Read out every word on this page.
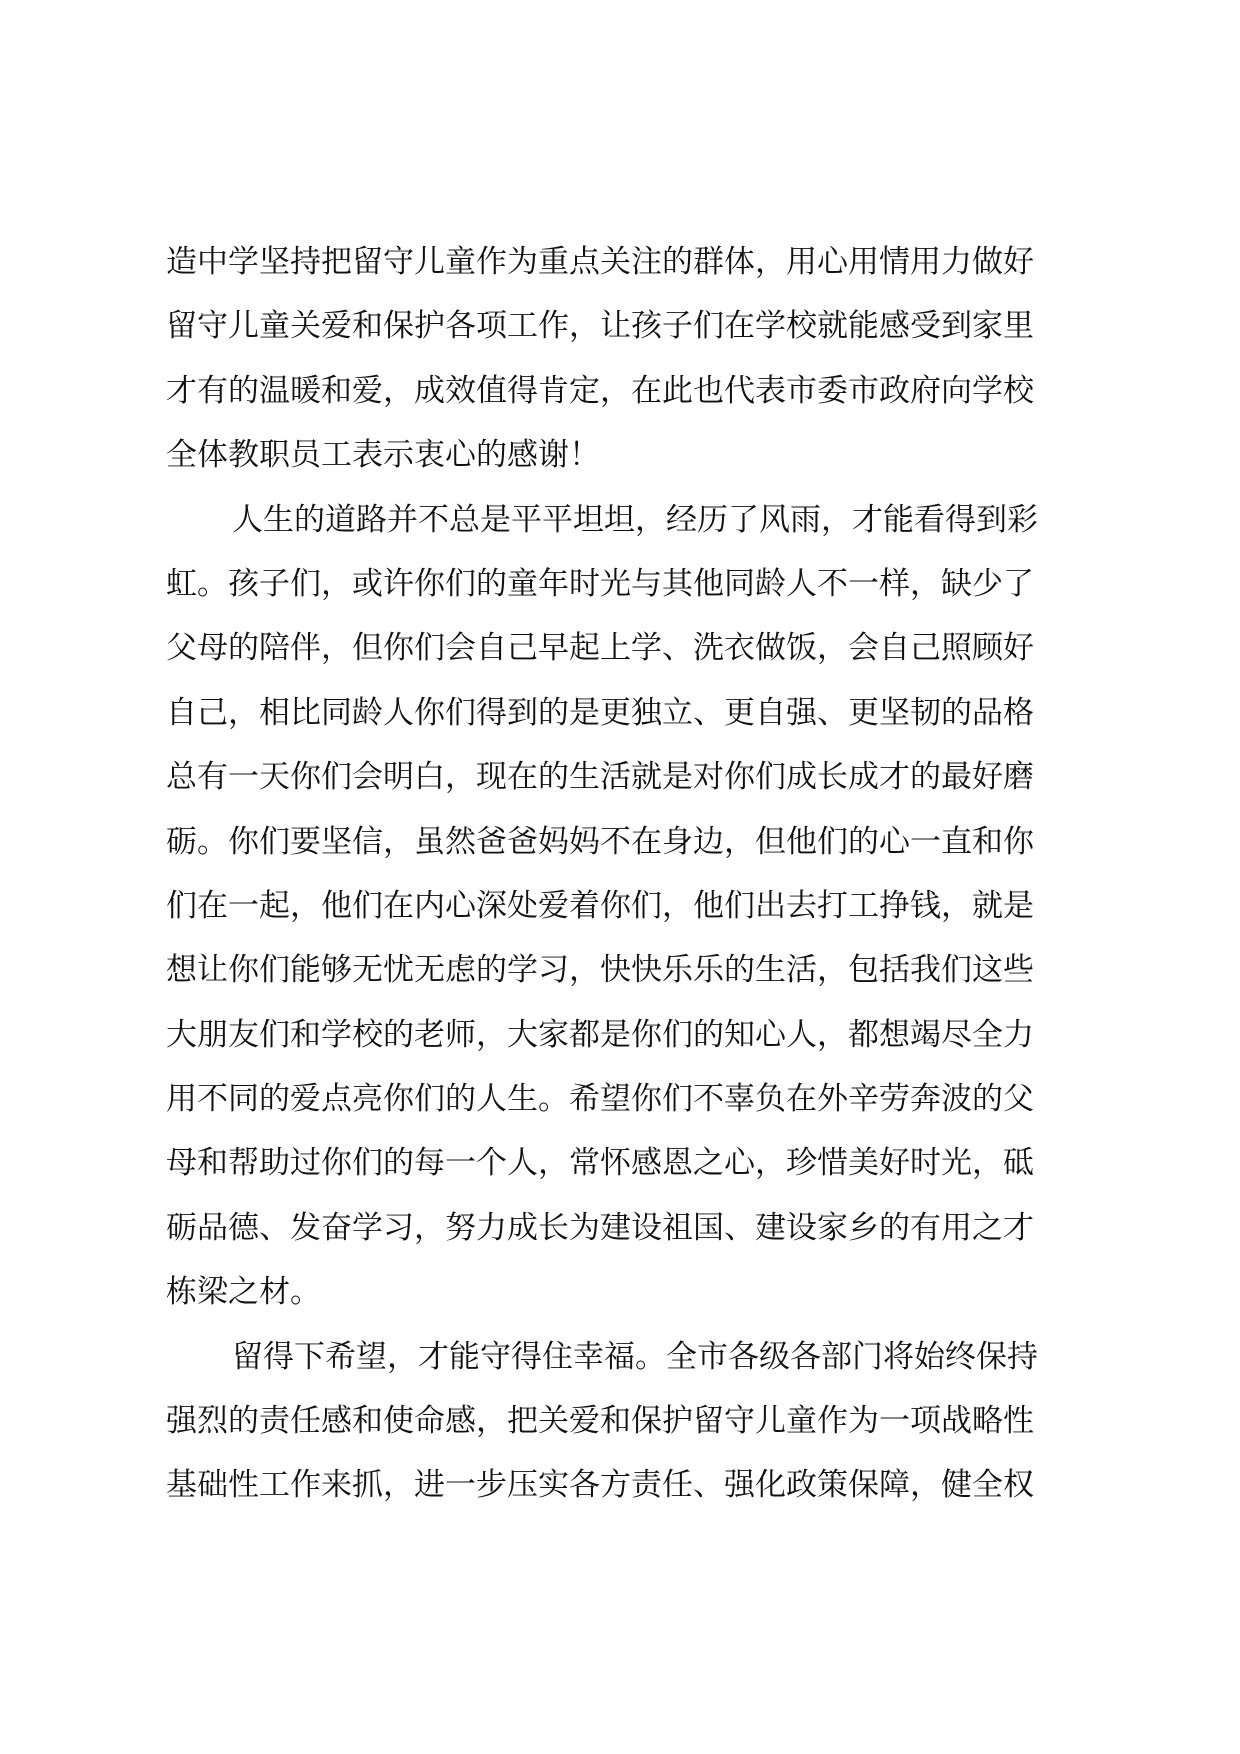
造中学坚持把留守儿童作为重点关注的群体，用心用情用力做好
留守儿童关爱和保护各项工作，让孩子们在学校就能感受到家里
才有的温暖和爱，成效值得肯定，在此也代表市委市政府向学校
全体教职员工表示衷心的感谢！
人生的道路并不总是平平坦坦，经历了风雨，才能看得到彩
虹。孩子们，或许你们的童年时光与其他同龄人不一样，缺少了
父母的陪伴，但你们会自己早起上学、洗衣做饭，会自己照顾好
自己，相比同龄人你们得到的是更独立、更自强、更坚韧的品格
总有一天你们会明白，现在的生活就是对你们成长成才的最好磨
砺。你们要坚信，虽然爸爸妈妈不在身边，但他们的心一直和你
们在一起，他们在内心深处爱着你们，他们出去打工挣钱，就是
想让你们能够无忧无虑的学习，快快乐乐的生活，包括我们这些
大朋友们和学校的老师，大家都是你们的知心人，都想竭尽全力
用不同的爱点亮你们的人生。希望你们不辜负在外辛劳奔波的父
母和帮助过你们的每一个人，常怀感恩之心，珍惜美好时光，砥
砺品德、发奋学习，努力成长为建设祖国、建设家乡的有用之才
栋梁之材。
留得下希望，才能守得住幸福。全市各级各部门将始终保持
强烈的责任感和使命感，把关爱和保护留守儿童作为一项战略性
基础性工作来抓，进一步压实各方责任、强化政策保障，健全权
